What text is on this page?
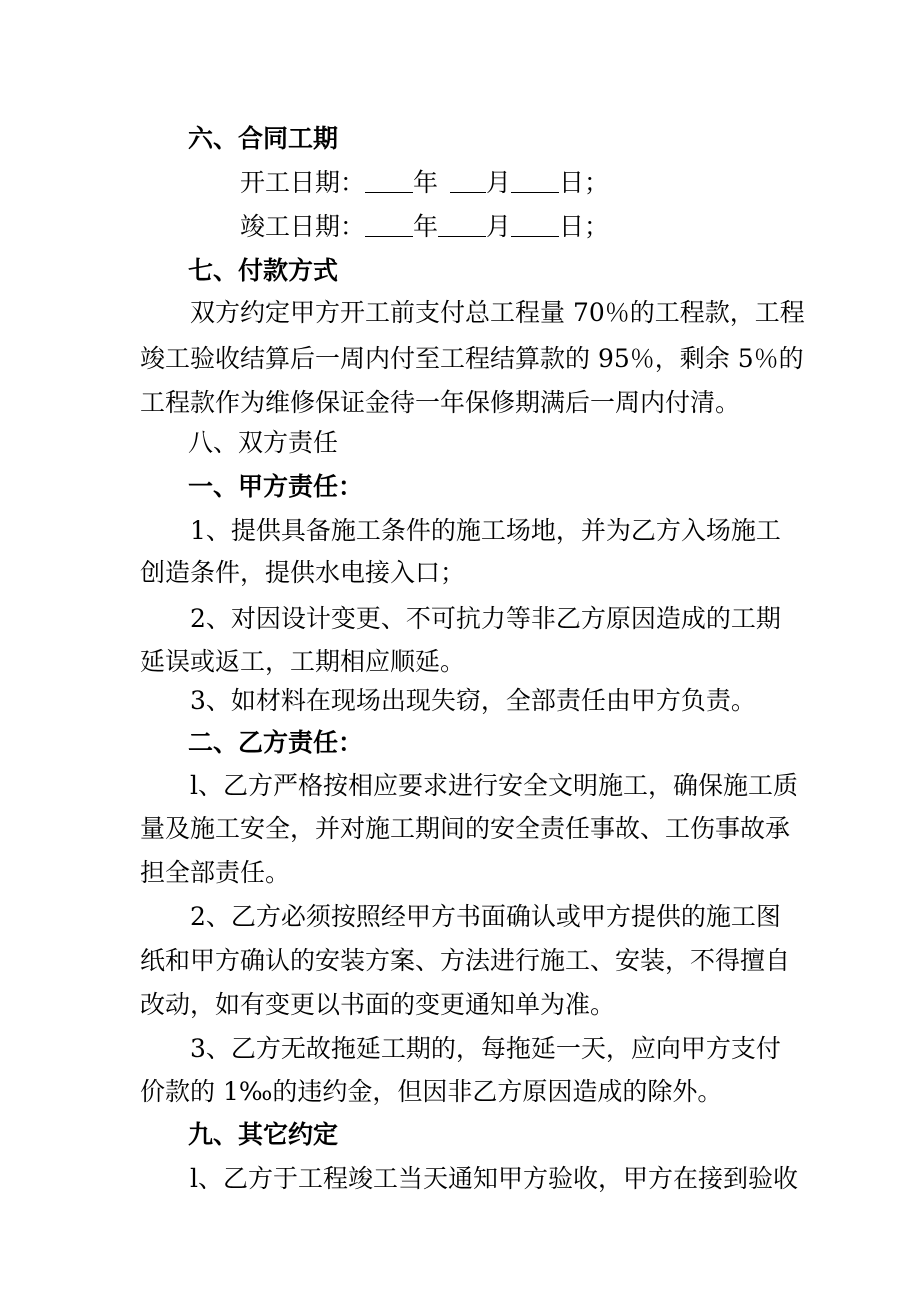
六、合同工期
开工日期： 年 月 日；
竣工日期： 年 月 日；
七、付款方式
双方约定甲方开工前支付总工程量 70％的工程款，工程
竣工验收结算后一周内付至工程结算款的 95％，剩余 5％的
工程款作为维修保证金待一年保修期满后一周内付清。
八、双方责任
一、甲方责任：
1、提供具备施工条件的施工场地，并为乙方入场施工
创造条件，提供水电接入口；
2、对因设计变更、不可抗力等非乙方原因造成的工期
延误或返工，工期相应顺延。
3、如材料在现场出现失窃，全部责任由甲方负责。
二、乙方责任：
l、乙方严格按相应要求进行安全文明施工，确保施工质
量及施工安全，并对施工期间的安全责任事故、工伤事故承
担全部责任。
2、乙方必须按照经甲方书面确认或甲方提供的施工图
纸和甲方确认的安装方案、方法进行施工、安装，不得擅自
改动，如有变更以书面的变更通知单为准。
3、乙方无故拖延工期的，每拖延一天，应向甲方支付
价款的 1‰的违约金，但因非乙方原因造成的除外。
九、其它约定
l、乙方于工程竣工当天通知甲方验收，甲方在接到验收
